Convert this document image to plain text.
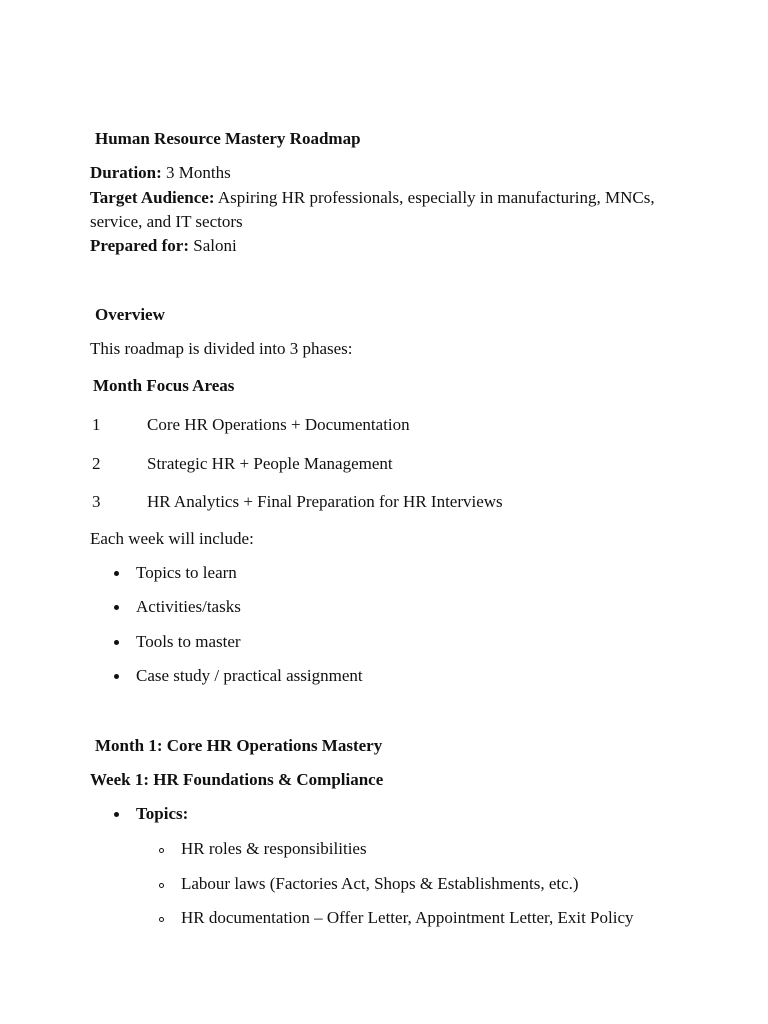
Human Resource Mastery Roadmap
Duration: 3 Months
Target Audience: Aspiring HR professionals, especially in manufacturing, MNCs,
service, and IT sectors
Prepared for: Saloni
Overview
This roadmap is divided into 3 phases:
Month Focus Areas
1	Core HR Operations + Documentation
2	Strategic HR + People Management
3	HR Analytics + Final Preparation for HR Interviews
Each week will include:
Topics to learn
Activities/tasks
Tools to master
Case study / practical assignment
Month 1: Core HR Operations Mastery
Week 1: HR Foundations & Compliance
Topics:
HR roles & responsibilities
Labour laws (Factories Act, Shops & Establishments, etc.)
HR documentation – Offer Letter, Appointment Letter, Exit Policy
